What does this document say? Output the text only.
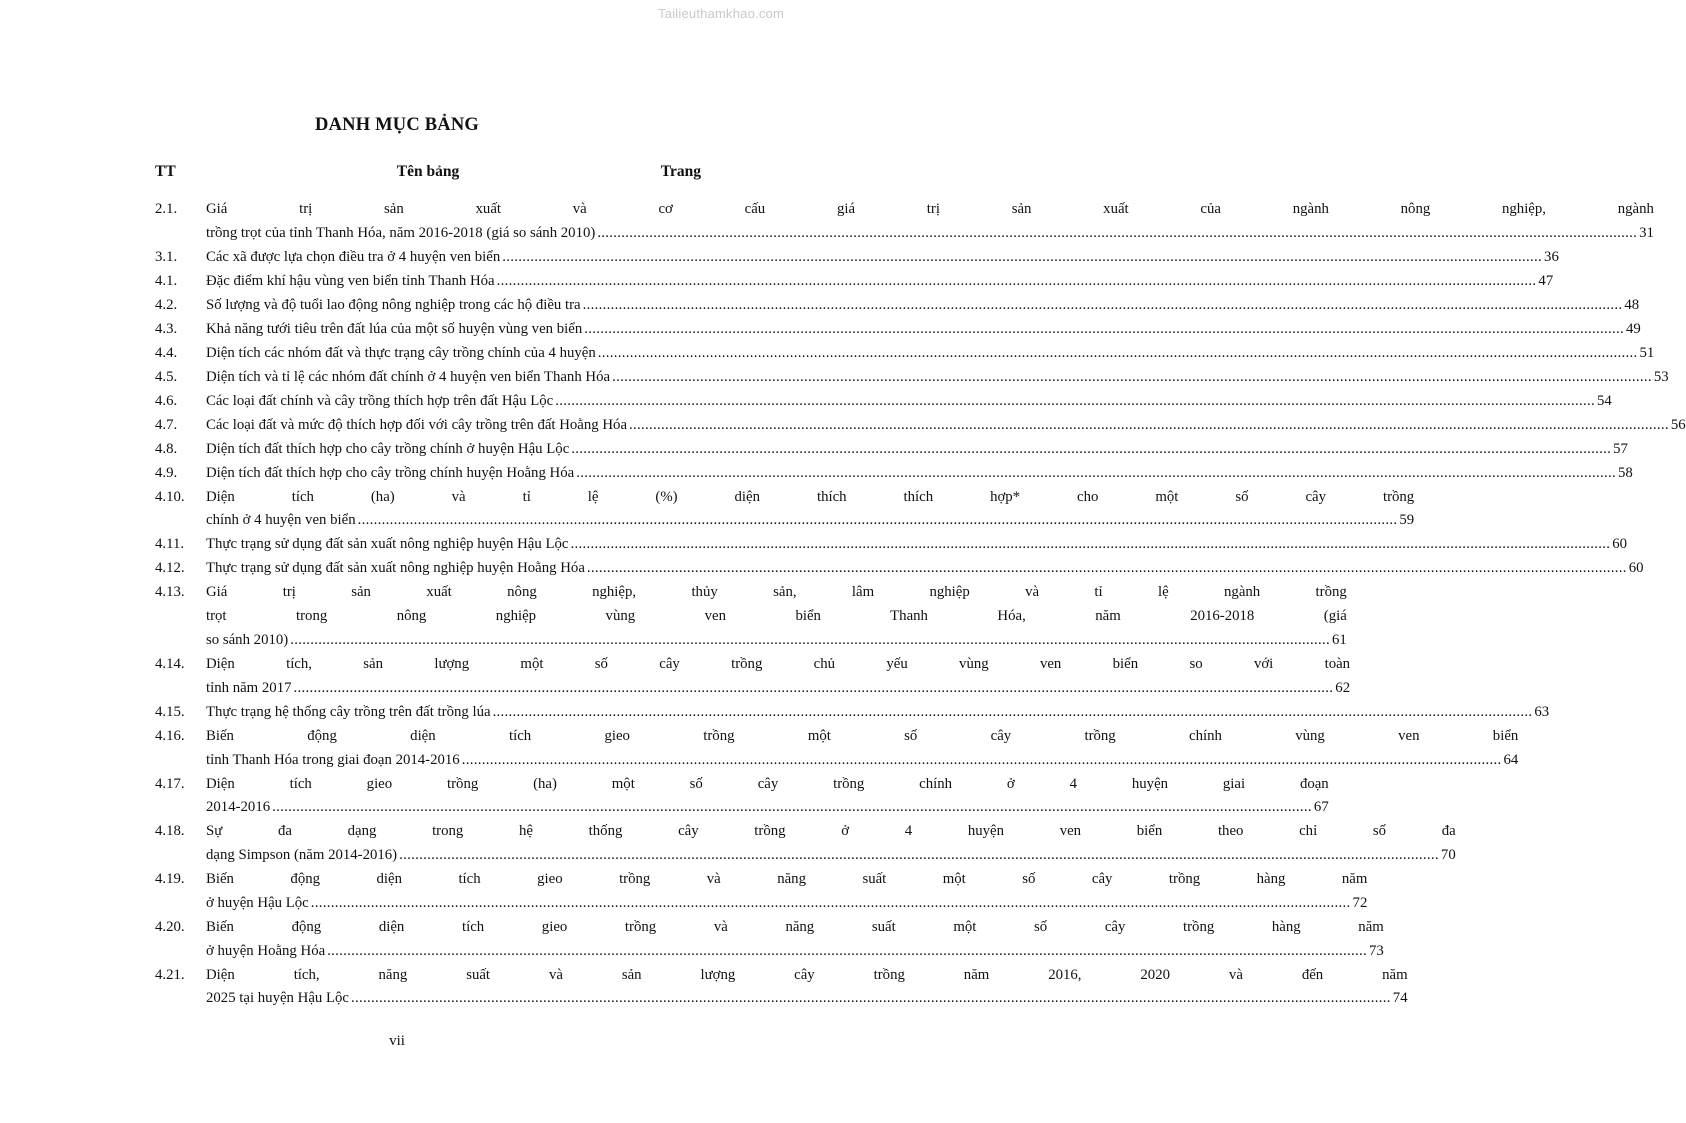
Tailieuthamkhao.com
DANH MỤC BẢNG
TT	Tên bảng	Trang
2.1.	Giá trị sản xuất và cơ cấu giá trị sản xuất của ngành nông nghiệp, ngành
trồng trọt của tỉnh Thanh Hóa, năm 2016-2018 (giá so sánh 2010) .....	31
3.1.	Các xã được lựa chọn điều tra ở 4 huyện ven biển .....	36
4.1.	Đặc điểm khí hậu vùng ven biển tỉnh Thanh Hóa .....	47
4.2.	Số lượng và độ tuổi lao động nông nghiệp trong các hộ điều tra .....	48
4.3.	Khả năng tưới tiêu trên đất lúa của một số huyện vùng ven biển .....	49
4.4.	Diện tích các nhóm đất và thực trạng cây trồng chính của 4 huyện .....	51
4.5.	Diện tích và tỉ lệ các nhóm đất chính ở 4 huyện ven biển Thanh Hóa .....	53
4.6.	Các loại đất chính và cây trồng thích hợp trên đất Hậu Lộc .....	54
4.7.	Các loại đất và mức độ thích hợp đối với cây trồng trên đất Hoằng Hóa .....	56
4.8.	Diện tích đất thích hợp cho cây trồng chính ở huyện Hậu Lộc .....	57
4.9.	Diện tích đất thích hợp cho cây trồng chính huyện Hoằng Hóa .....	58
4.10.	Diện tích (ha) và tỉ lệ (%) diện thích thích hợp* cho một số cây trồng
chính ở 4 huyện ven biển .....	59
4.11.	Thực trạng sử dụng đất sản xuất nông nghiệp huyện Hậu Lộc .....	60
4.12.	Thực trạng sử dụng đất sản xuất nông nghiệp huyện Hoằng Hóa .....	60
4.13.	Giá trị sản xuất nông nghiệp, thủy sản, lâm nghiệp và tỉ lệ ngành trồng
trọt trong nông nghiệp vùng ven biển Thanh Hóa, năm 2016-2018 (giá
so sánh 2010) .....	61
4.14.	Diện tích, sản lượng một số cây trồng chủ yếu vùng ven biển so với toàn
tỉnh năm 2017 .....	62
4.15.	Thực trạng hệ thống cây trồng trên đất trồng lúa .....	63
4.16.	Biến động diện tích gieo trồng một số cây trồng chính vùng ven biển
tỉnh Thanh Hóa trong giai đoạn 2014-2016 .....	64
4.17.	Diện tích gieo trồng (ha) một số cây trồng chính ở 4 huyện giai đoạn
2014-2016 .....	67
4.18.	Sự đa dạng trong hệ thống cây trồng ở 4 huyện ven biển theo chỉ số đa
dạng Simpson (năm 2014-2016) .....	70
4.19.	Biến động diện tích gieo trồng và năng suất một số cây trồng hàng năm
ở huyện Hậu Lộc .....	72
4.20.	Biến động diện tích gieo trồng và năng suất một số cây trồng hàng năm
ở huyện Hoằng Hóa .....	73
4.21.	Diện tích, năng suất và sản lượng cây trồng năm 2016, 2020 và đến năm
2025 tại huyện Hậu Lộc .....	74
vii
